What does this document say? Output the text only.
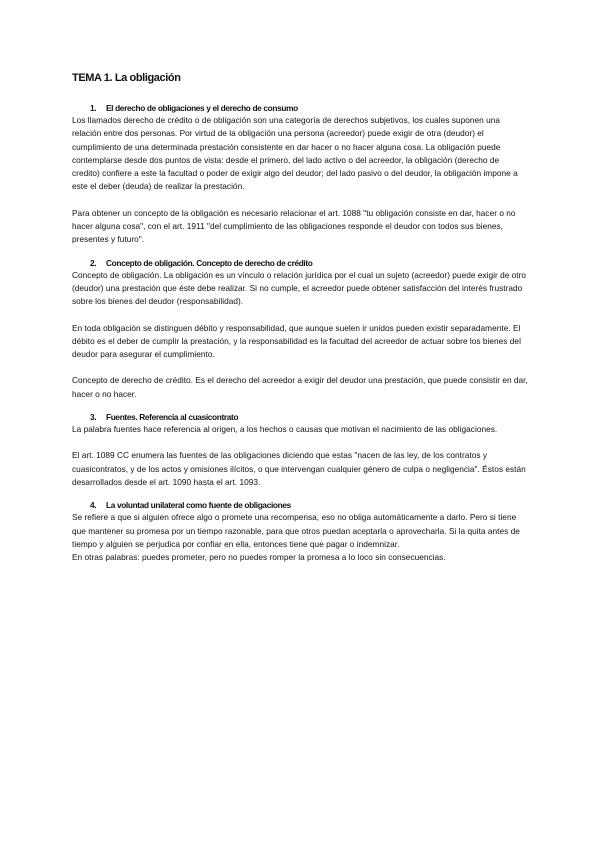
TEMA 1. La obligación
1. El derecho de obligaciones y el derecho de consumo

Los llamados derecho de crédito o de obligación son una categoría de derechos subjetivos, los cuales suponen una relación entre dos personas. Por virtud de la obligación una persona (acreedor) puede exigir de otra (deudor) el cumplimiento de una determinada prestación consistente en dar hacer o no hacer alguna cosa. La obligación puede contemplarse desde dos puntos de vista: desde el primero, del lado activo o del acreedor, la obligación (derecho de credito) confiere a este la facultad o poder de exigir algo del deudor; del lado pasivo o del deudor, la obligación impone a este el deber (deuda) de realizar la prestación.

Para obtener un concepto de la obligación es necesario relacionar el art. 1088 "tu obligación consiste en dar, hacer o no hacer alguna cosa", con el art. 1911 "del cumplimiento de las obligaciones responde el deudor con todos sus bienes, presentes y futuro".

2. Concepto de obligación. Concepto de derecho de crédito

Concepto de obligación. La obligación es un vínculo o relación jurídica por el cual un sujeto (acreedor) puede exigir de otro (deudor) una prestación que éste debe realizar. Si no cumple, el acreedor puede obtener satisfacción del interés frustrado sobre los bienes del deudor (responsabilidad).

En toda obligación se distinguen débito y responsabilidad, que aunque suelen ir unidos pueden existir separadamente. El débito es el deber de cumplir la prestación, y la responsabilidad es la facultad del acreedor de actuar sobre los bienes del deudor para asegurar el cumplimiento.

Concepto de derecho de crédito. Es el derecho del acreedor a exigir del deudor una prestación, que puede consistir en dar, hacer o no hacer.

3. Fuentes. Referencia al cuasicontrato

La palabra fuentes hace referencia al origen, a los hechos o causas que motivan el nacimiento de las obligaciones.

El art. 1089 CC enumera las fuentes de las obligaciones diciendo que estas "nacen de las ley, de los contratos y cuasicontratos, y de los actos y omisiones ilícitos, o que intervengan cualquier género de culpa o negligencia". Éstos están desarrollados desde el art. 1090 hasta el art. 1093.

4. La voluntad unilateral como fuente de obligaciones

Se refiere a que si alguien ofrece algo o promete una recompensa, eso no obliga automáticamente a darlo. Pero si tiene que mantener su promesa por un tiempo razonable, para que otros puedan aceptarla o aprovecharla. Si la quita antes de tiempo y alguien se perjudica por confiar en ella, entonces tiene que pagar o indemnizar.

En otras palabras: puedes prometer, pero no puedes romper la promesa a lo loco sin consecuencias.
